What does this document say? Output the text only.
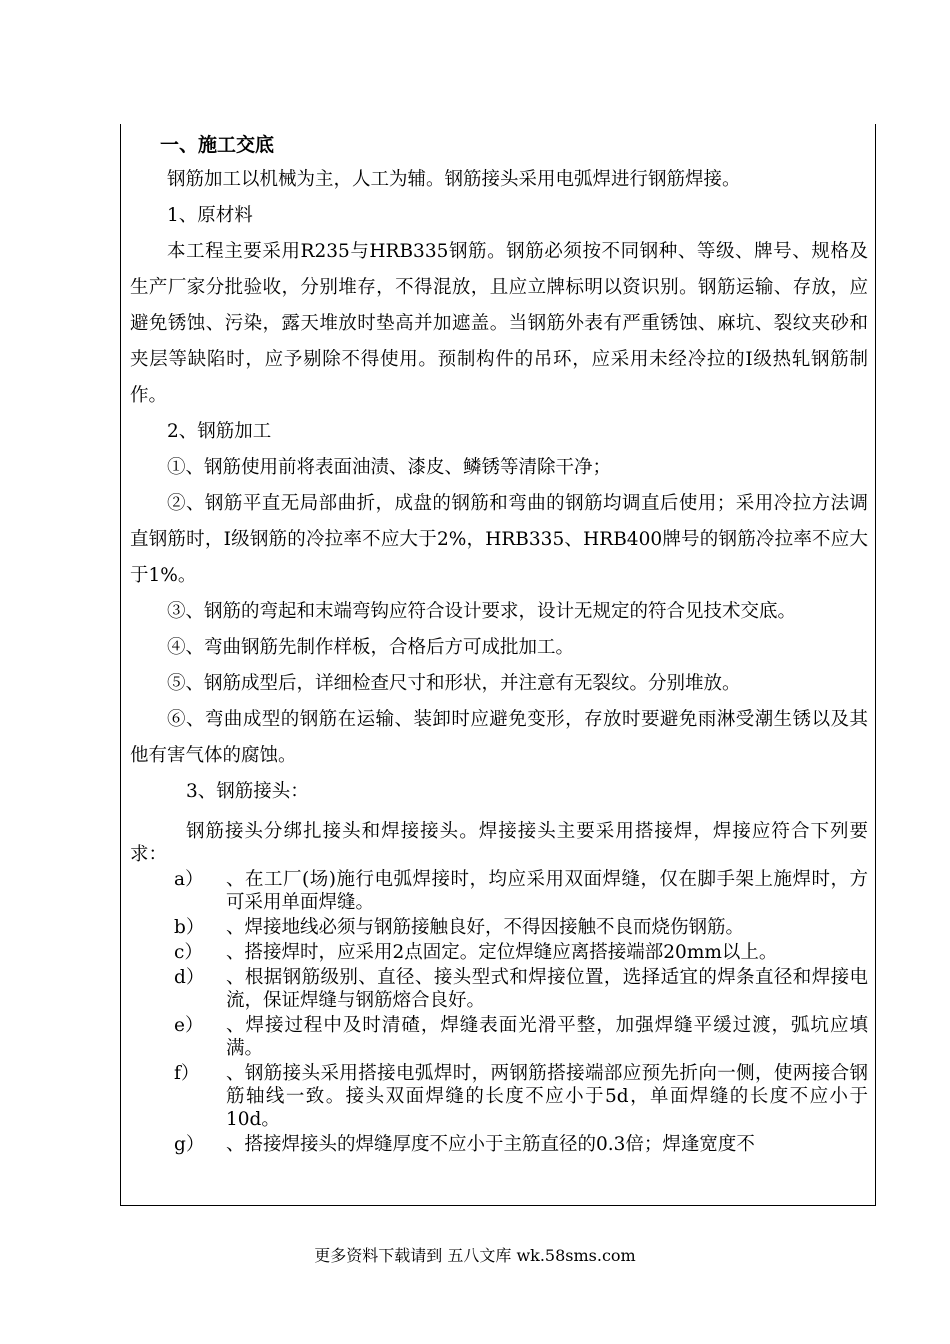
一、施工交底

钢筋加工以机械为主，人工为辅。钢筋接头采用电弧焊进行钢筋焊接。

1、原材料

本工程主要采用R235与HRB335钢筋。钢筋必须按不同钢种、等级、牌号、规格及生产厂家分批验收，分别堆存，不得混放，且应立牌标明以资识别。钢筋运输、存放，应避免锈蚀、污染，露天堆放时垫高并加遮盖。当钢筋外表有严重锈蚀、麻坑、裂纹夹砂和夹层等缺陷时，应予剔除不得使用。预制构件的吊环，应采用未经冷拉的Ⅰ级热轧钢筋制作。

2、钢筋加工

①、钢筋使用前将表面油渍、漆皮、鳞锈等清除干净；

②、钢筋平直无局部曲折，成盘的钢筋和弯曲的钢筋均调直后使用；采用冷拉方法调直钢筋时，Ⅰ级钢筋的冷拉率不应大于2%，HRB335、HRB400牌号的钢筋冷拉率不应大于1%。

③、钢筋的弯起和末端弯钩应符合设计要求，设计无规定的符合见技术交底。

④、弯曲钢筋先制作样板，合格后方可成批加工。

⑤、钢筋成型后，详细检查尺寸和形状，并注意有无裂纹。分别堆放。

⑥、弯曲成型的钢筋在运输、装卸时应避免变形，存放时要避免雨淋受潮生锈以及其他有害气体的腐蚀。

3、钢筋接头：

钢筋接头分绑扎接头和焊接接头。焊接接头主要采用搭接焊，焊接应符合下列要求：

a） 、在工厂(场)施行电弧焊接时，均应采用双面焊缝，仅在脚手架上施焊时，方可采用单面焊缝。
b） 、焊接地线必须与钢筋接触良好，不得因接触不良而烧伤钢筋。
c） 、搭接焊时，应采用2点固定。定位焊缝应离搭接端部20mm以上。
d） 、根据钢筋级别、直径、接头型式和焊接位置，选择适宜的焊条直径和焊接电流，保证焊缝与钢筋熔合良好。
e） 、焊接过程中及时清碴，焊缝表面光滑平整，加强焊缝平缓过渡，弧坑应填满。
f） 、钢筋接头采用搭接电弧焊时，两钢筋搭接端部应预先折向一侧，使两接合钢筋轴线一致。接头双面焊缝的长度不应小于5d，单面焊缝的长度不应小于10d。
g） 、搭接焊接头的焊缝厚度不应小于主筋直径的0.3倍；焊逢宽度不
更多资料下载请到 五八文库 wk.58sms.com
